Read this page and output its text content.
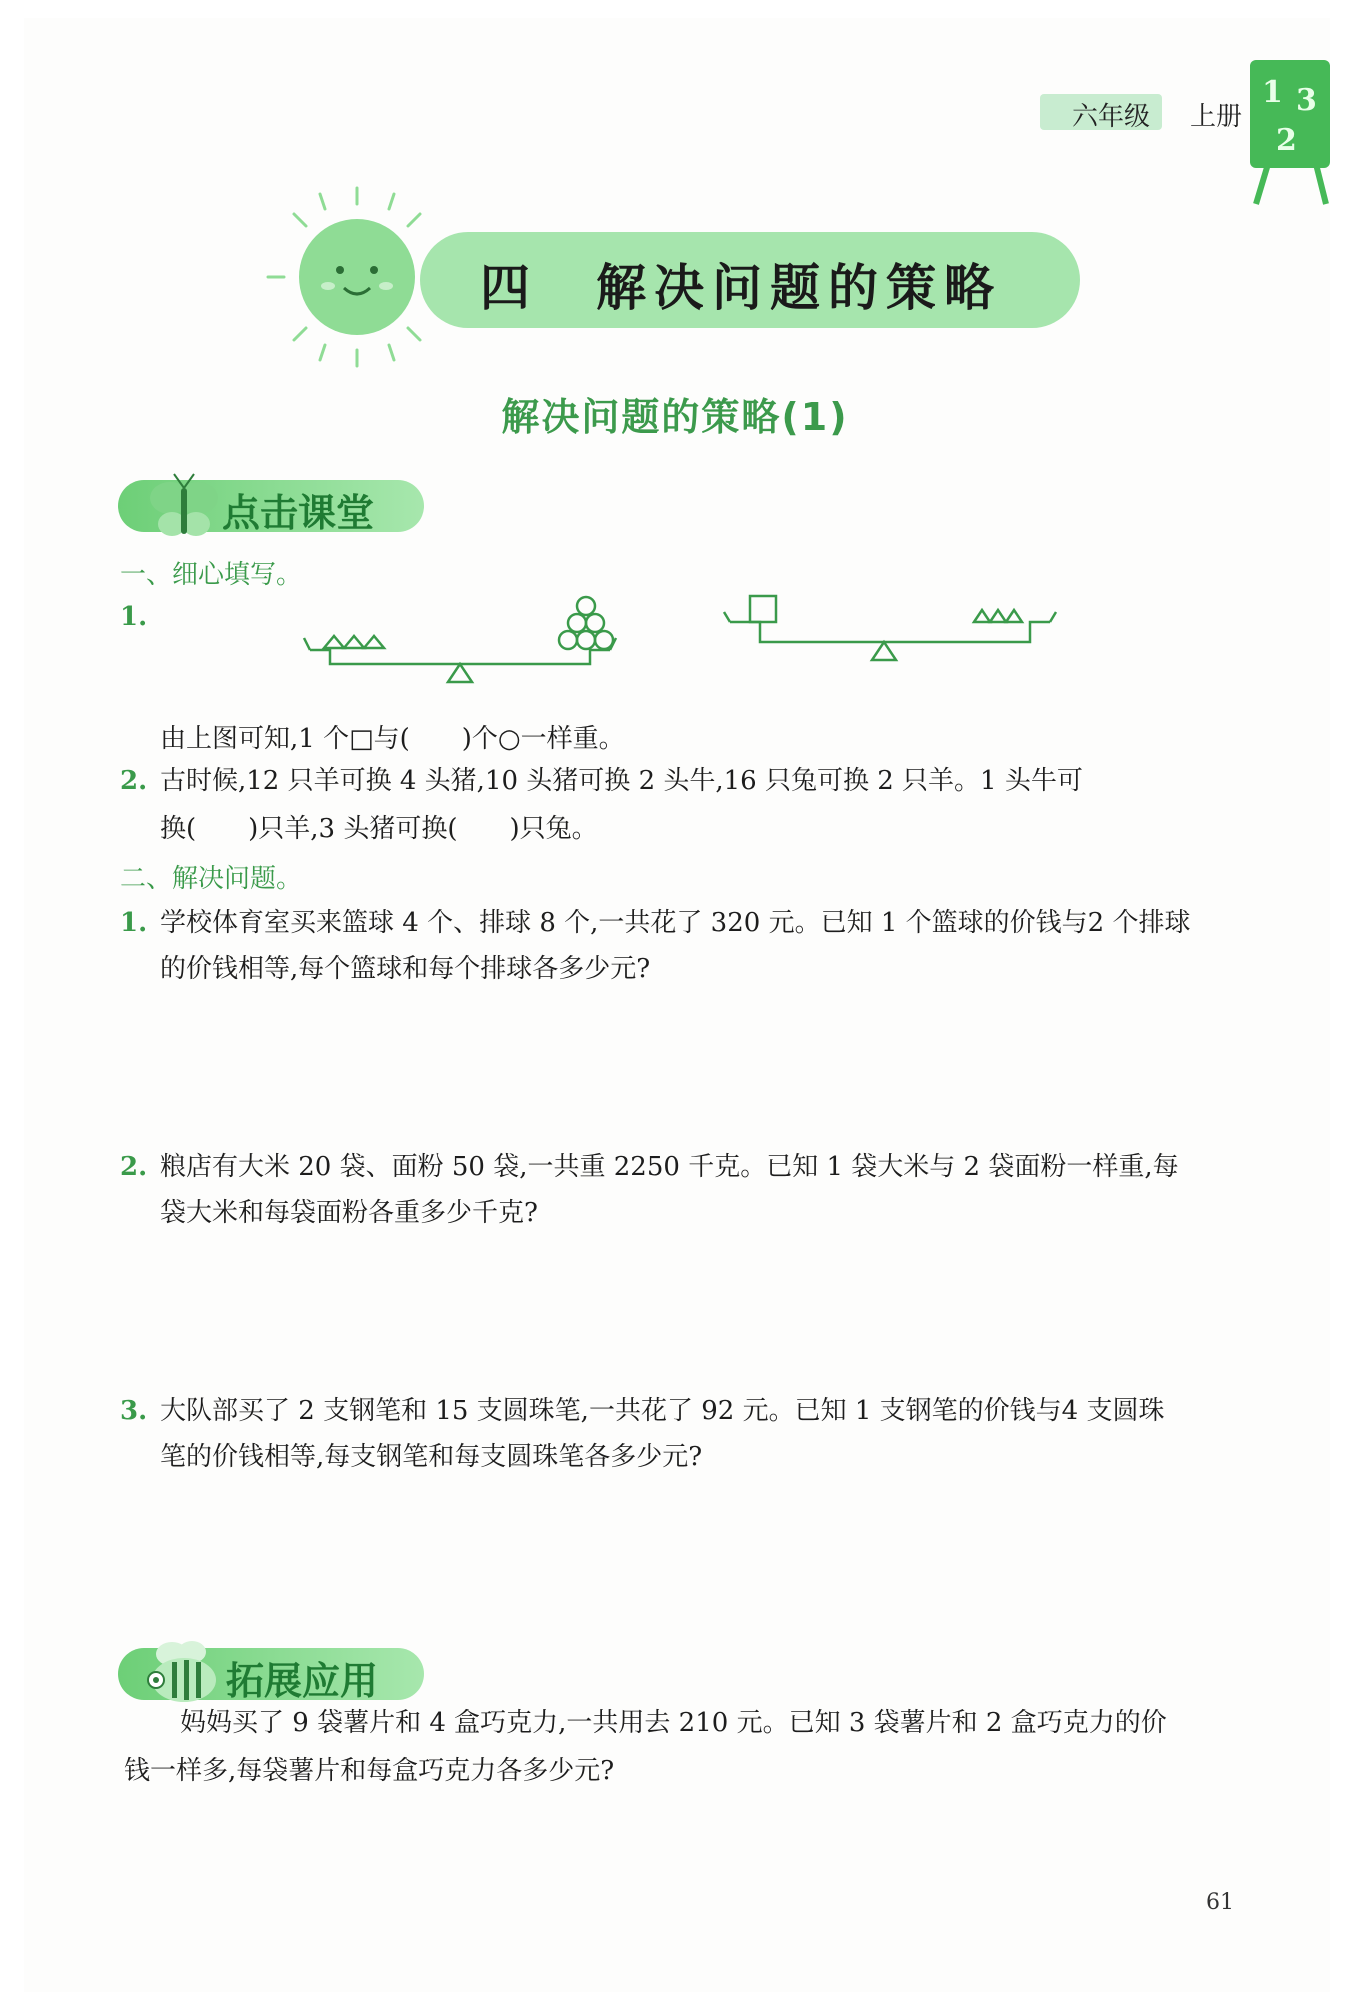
六年级 上册
1 3
2
四　解决问题的策略
解决问题的策略(1)
点击课堂
一、细心填写。
1.
由上图可知,1 个□与(　　)个○一样重。
2. 古时候,12 只羊可换 4 头猪,10 头猪可换 2 头牛,16 只兔可换 2 只羊。1 头牛可
换(　　)只羊,3 头猪可换(　　)只兔。
二、解决问题。
1. 学校体育室买来篮球 4 个、排球 8 个,一共花了 320 元。已知 1 个篮球的价钱与2 个排球
的价钱相等,每个篮球和每个排球各多少元?
2. 粮店有大米 20 袋、面粉 50 袋,一共重 2250 千克。已知 1 袋大米与 2 袋面粉一样重,每
袋大米和每袋面粉各重多少千克?
3. 大队部买了 2 支钢笔和 15 支圆珠笔,一共花了 92 元。已知 1 支钢笔的价钱与4 支圆珠
笔的价钱相等,每支钢笔和每支圆珠笔各多少元?
拓展应用
妈妈买了 9 袋薯片和 4 盒巧克力,一共用去 210 元。已知 3 袋薯片和 2 盒巧克力的价
钱一样多,每袋薯片和每盒巧克力各多少元?
61
